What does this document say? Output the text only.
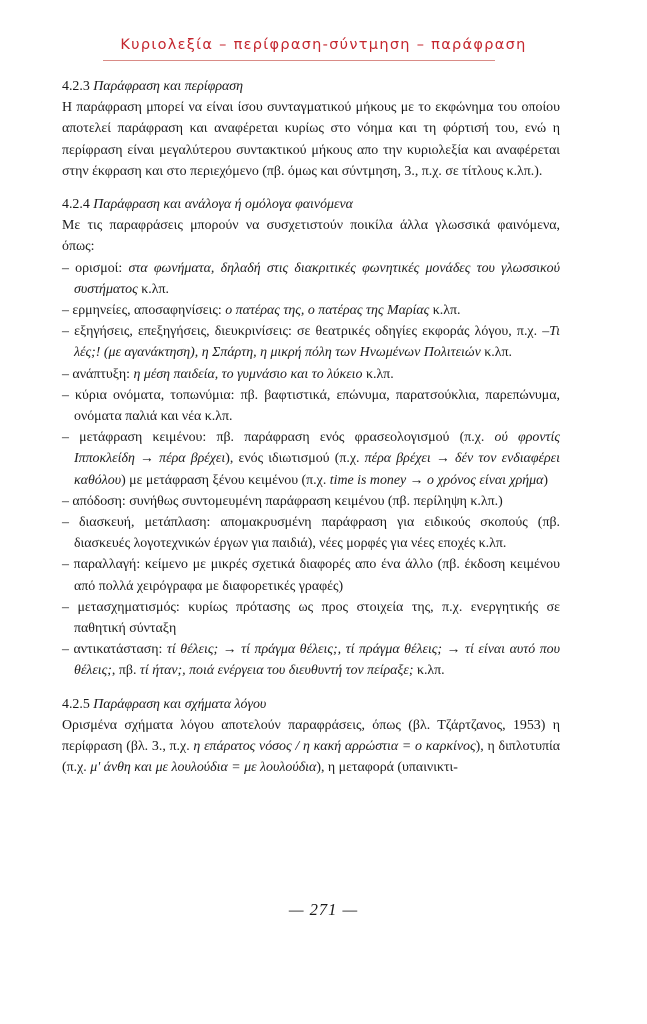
Κυριολεξία – περίφραση-σύντμηση – παράφραση
4.2.3 Παράφραση και περίφραση
Η παράφραση μπορεί να είναι ίσου συνταγματικού μήκους με το εκφώνημα του οποίου αποτελεί παράφραση και αναφέρεται κυρίως στο νόημα και τη φόρτισή του, ενώ η περίφραση είναι μεγαλύτερου συντακτικού μήκους απο την κυριολεξία και αναφέρεται στην έκφραση και στο περιεχόμενο (πβ. όμως και σύντμηση, 3., π.χ. σε τίτλους κ.λπ.).
4.2.4 Παράφραση και ανάλογα ή ομόλογα φαινόμενα
Με τις παραφράσεις μπορούν να συσχετιστούν ποικίλα άλλα γλωσσικά φαινόμενα, όπως:
– ορισμοί: στα φωνήματα, δηλαδή στις διακριτικές φωνητικές μονάδες του γλωσσικού συστήματος κ.λπ.
– ερμηνείες, αποσαφηνίσεις: ο πατέρας της, ο πατέρας της Μαρίας κ.λπ.
– εξηγήσεις, επεξηγήσεις, διευκρινίσεις: σε θεατρικές οδηγίες εκφοράς λόγου, π.χ. –Τι λές;! (με αγανάκτηση), η Σπάρτη, η μικρή πόλη των Ηνωμένων Πολιτειών κ.λπ.
– ανάπτυξη: η μέση παιδεία, το γυμνάσιο και το λύκειο κ.λπ.
– κύρια ονόματα, τοπωνύμια: πβ. βαφτιστικά, επώνυμα, παρατσούκλια, παρεπώνυμα, ονόματα παλιά και νέα κ.λπ.
– μετάφραση κειμένου: πβ. παράφραση ενός φρασεολογισμού (π.χ. ού φροντίς Ιπποκλείδη → πέρα βρέχει), ενός ιδιωτισμού (π.χ. πέρα βρέχει → δέν τον ενδιαφέρει καθόλου) με μετάφραση ξένου κειμένου (π.χ. time is money → ο χρόνος είναι χρήμα)
– απόδοση: συνήθως συντομευμένη παράφραση κειμένου (πβ. περίληψη κ.λπ.)
– διασκευή, μετάπλαση: απομακρυσμένη παράφραση για ειδικούς σκοπούς (πβ. διασκευές λογοτεχνικών έργων για παιδιά), νέες μορφές για νέες εποχές κ.λπ.
– παραλλαγή: κείμενο με μικρές σχετικά διαφορές απο ένα άλλο (πβ. έκδοση κειμένου από πολλά χειρόγραφα με διαφορετικές γραφές)
– μετασχηματισμός: κυρίως πρότασης ως προς στοιχεία της, π.χ. ενεργητικής σε παθητική σύνταξη
– αντικατάσταση: τί θέλεις; → τί πράγμα θέλεις;, τί πράγμα θέλεις; → τί είναι αυτό που θέλεις;, πβ. τί ήταν;, ποιά ενέργεια του διευθυντή τον πείραξε; κ.λπ.
4.2.5 Παράφραση και σχήματα λόγου
Ορισμένα σχήματα λόγου αποτελούν παραφράσεις, όπως (βλ. Τζάρτζανος, 1953) η περίφραση (βλ. 3., π.χ. η επάρατος νόσος / η κακή αρρώστια = ο καρκίνος), η διπλοτυπία (π.χ. μ' άνθη και με λουλούδια = με λουλούδια), η μεταφορά (υπαινικτι-
— 271 —
